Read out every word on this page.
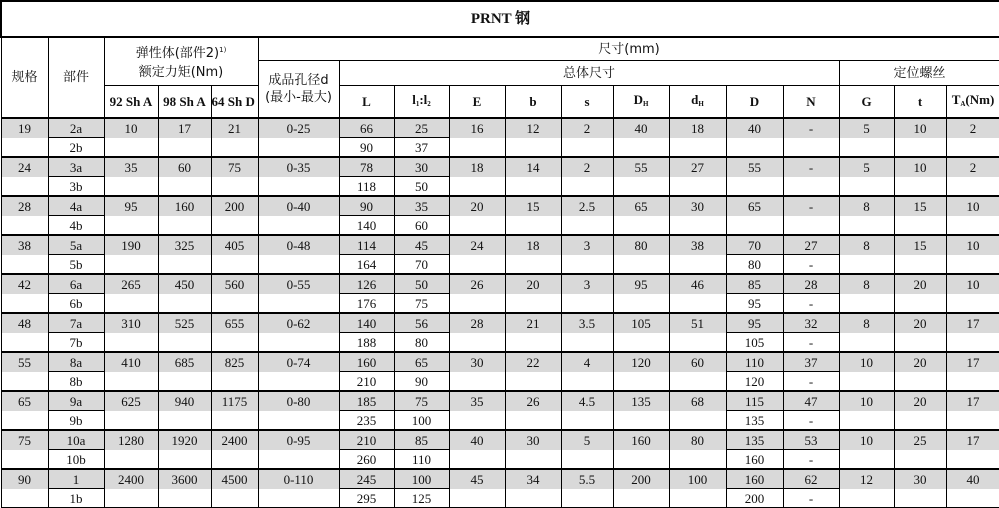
PRNT 钢																	
规格	部件	弹性体(部件2)$^{1)}$
额定力矩(Nm)			尺寸(mm)												
					成品孔径d
(最小-最大)	总体尺寸									定位螺丝		
		92 Sh A	98 Sh A	64 Sh D		L	$l_1:l_2$	E	b	s	$D_H$	$d_H$	D	N	G	t	$T_A(Nm)$
19	2a	10	17	21	0-25	66	25	16	12	2	40	18	40	-	5	10	2
	2b					90	37										
24	3a	35	60	75	0-35	78	30	18	14	2	55	27	55	-	5	10	2
	3b					118	50										
28	4a	95	160	200	0-40	90	35	20	15	2.5	65	30	65	-	8	15	10
	4b					140	60										
38	5a	190	325	405	0-48	114	45	24	18	3	80	38	70	27	8	15	10
	5b					164	70						80	-			
42	6a	265	450	560	0-55	126	50	26	20	3	95	46	85	28	8	20	10
	6b					176	75						95	-			
48	7a	310	525	655	0-62	140	56	28	21	3.5	105	51	95	32	8	20	17
	7b					188	80						105	-			
55	8a	410	685	825	0-74	160	65	30	22	4	120	60	110	37	10	20	17
	8b					210	90						120	-			
65	9a	625	940	1175	0-80	185	75	35	26	4.5	135	68	115	47	10	20	17
	9b					235	100						135	-			
75	10a	1280	1920	2400	0-95	210	85	40	30	5	160	80	135	53	10	25	17
	10b					260	110						160	-			
90	1	2400	3600	4500	0-110	245	100	45	34	5.5	200	100	160	62	12	30	40
	1b					295	125						200	-			
